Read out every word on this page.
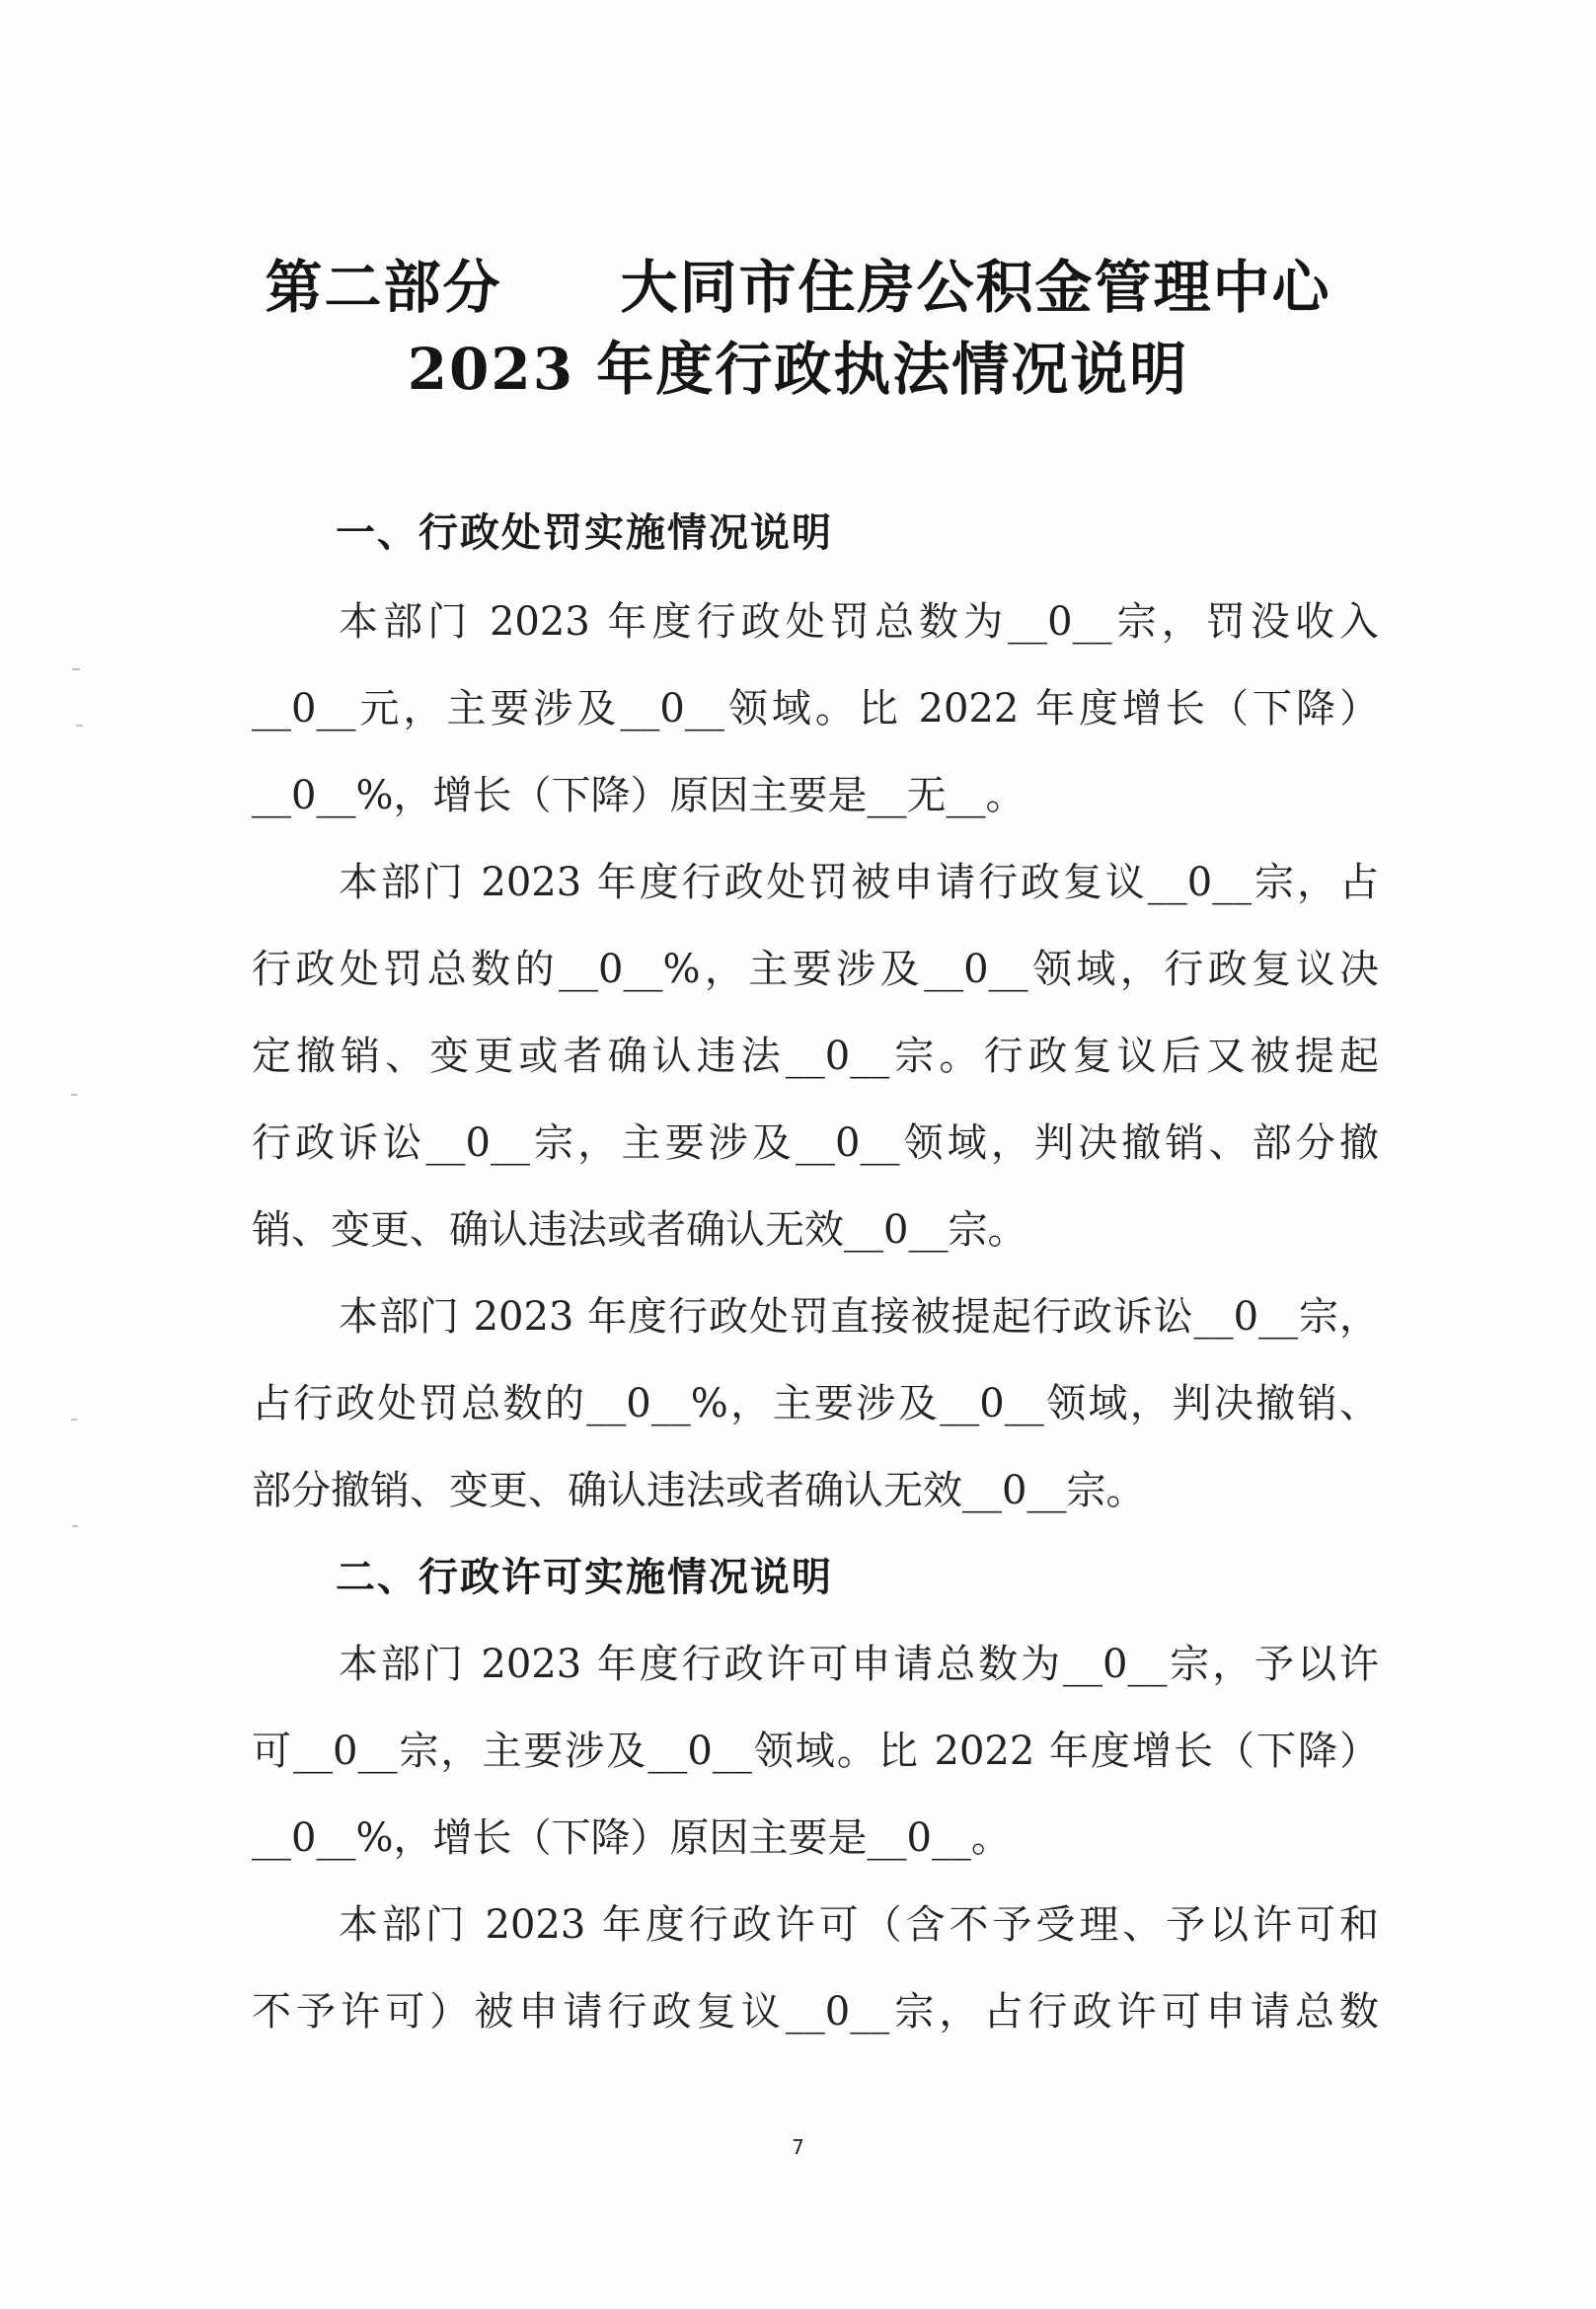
第二部分　　大同市住房公积金管理中心
2023 年度行政执法情况说明
一、行政处罚实施情况说明
本部门 2023 年度行政处罚总数为__0__宗，罚没收入
__0__元，主要涉及__0__领域。比 2022 年度增长（下降）
__0__%，增长（下降）原因主要是__无__。
本部门 2023 年度行政处罚被申请行政复议__0__宗，占
行政处罚总数的__0__%，主要涉及__0__领域，行政复议决
定撤销、变更或者确认违法__0__宗。行政复议后又被提起
行政诉讼__0__宗，主要涉及__0__领域，判决撤销、部分撤
销、变更、确认违法或者确认无效__0__宗。
本部门 2023 年度行政处罚直接被提起行政诉讼__0__宗，
占行政处罚总数的__0__%，主要涉及__0__领域，判决撤销、
部分撤销、变更、确认违法或者确认无效__0__宗。
二、行政许可实施情况说明
本部门 2023 年度行政许可申请总数为__0__宗，予以许
可__0__宗，主要涉及__0__领域。比 2022 年度增长（下降）
__0__%，增长（下降）原因主要是__0__。
本部门 2023 年度行政许可（含不予受理、予以许可和
不予许可）被申请行政复议__0__宗，占行政许可申请总数
7
